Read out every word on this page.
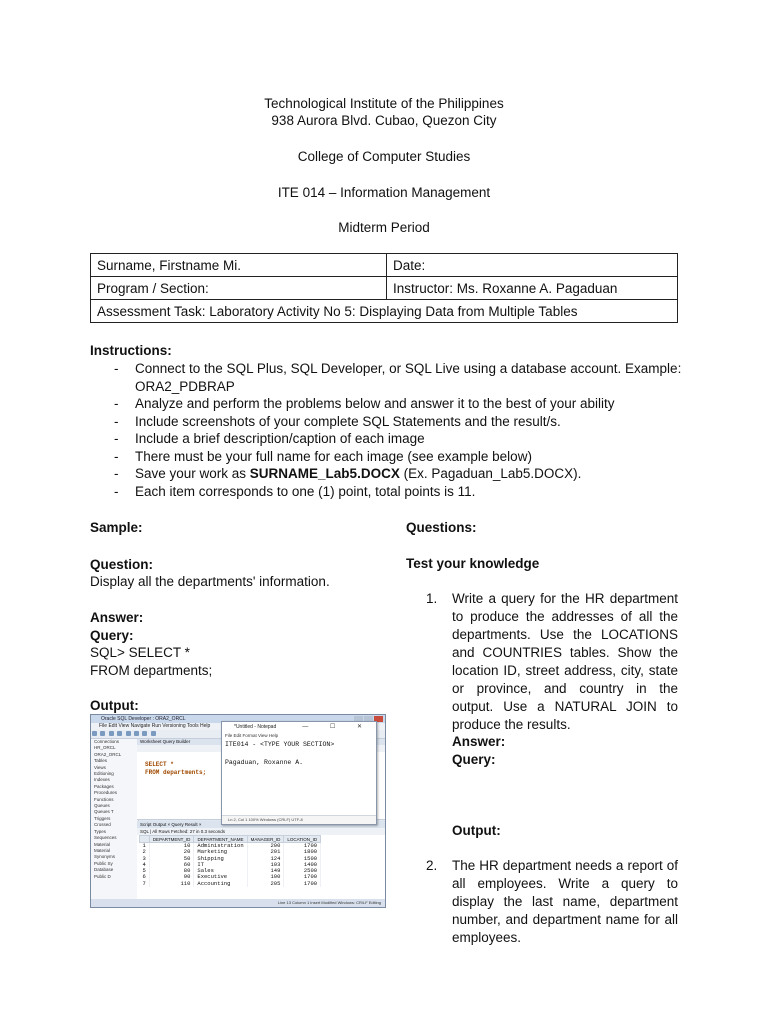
Technological Institute of the Philippines
938 Aurora Blvd. Cubao, Quezon City
College of Computer Studies
ITE 014 – Information Management
Midterm Period
Surname, Firstname Mi.	Date:
Program / Section:	Instructor: Ms. Roxanne A. Pagaduan
Assessment Task: Laboratory Activity No 5: Displaying Data from Multiple Tables	
Instructions:
- Connect to the SQL Plus, SQL Developer, or SQL Live using a database account. Example: ORA2_PDBRAP
- Analyze and perform the problems below and answer it to the best of your ability
- Include screenshots of your complete SQL Statements and the result/s.
- Include a brief description/caption of each image
- There must be your full name for each image (see example below)
- Save your work as SURNAME_Lab5.DOCX (Ex. Pagaduan_Lab5.DOCX).
- Each item corresponds to one (1) point, total points is 11.
Sample:
Question:
Display all the departments' information.
Answer:
Query:
SQL> SELECT *
FROM departments;
Output:
Oracle SQL Developer : ORA2_ORCL
File Edit View Navigate Run Versioning Tools Help

Connections
HR_ORCL
ORA2_ORCL
Tables
Views
Editioning
Indexes
Packages
Procedures
Functions
Queues
Queues T
Triggers
Crossed
Types
Sequences
Material
Material
Synonyms
Public Sy
Database
Public D
Worksheet Query Builder
SELECT *
FROM departments;
Script Output × Query Result ×
SQL | All Rows Fetched: 27 in 0.3 seconds
	DEPARTMENT_ID	DEPARTMENT_NAME	MANAGER_ID	LOCATION_ID
1	10	Administration	200	1700
2	20	Marketing	201	1800
3	50	Shipping	124	1500
4	60	IT	103	1400
5	80	Sales	149	2500
6	90	Executive	100	1700
7	110	Accounting	205	1700
*Untitled - Notepad	— ☐ ✕
File Edit Format View Help
ITE014 - <TYPE YOUR SECTION>
Pagaduan, Roxanne A.
Ln 2, Col 1 100% Windows (CRLF) UTF-8
Line 13 Column 1 Insert Modified Windows: CR/LF Editing
Questions:
Test your knowledge
1. Write a query for the HR department to produce the addresses of all the departments. Use the LOCATIONS and COUNTRIES tables. Show the location ID, street address, city, state or province, and country in the output. Use a NATURAL JOIN to produce the results.
Answer:
Query:
Output:
2. The HR department needs a report of all employees. Write a query to display the last name, department number, and department name for all employees.
